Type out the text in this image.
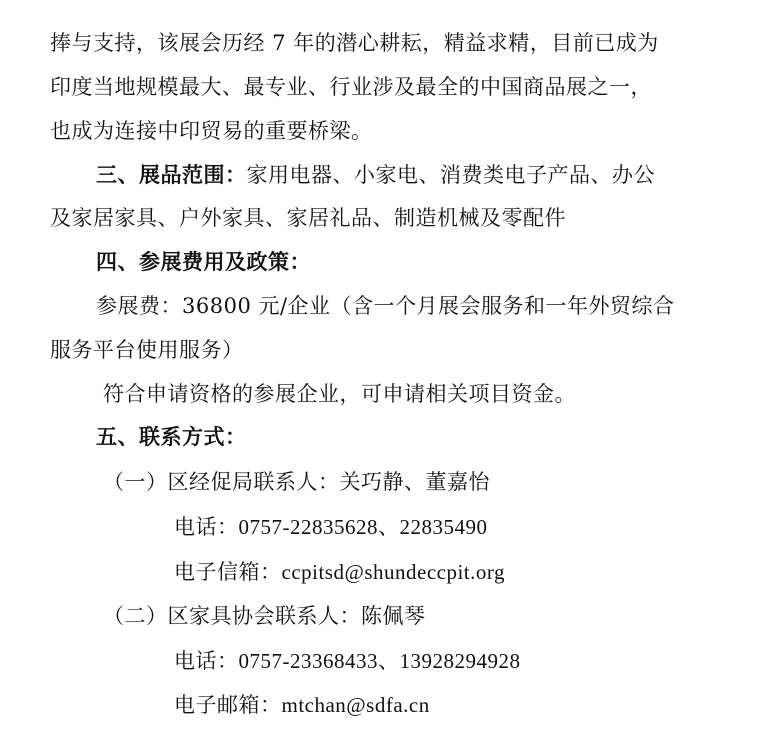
捧与支持，该展会历经 7 年的潜心耕耘，精益求精，目前已成为
印度当地规模最大、最专业、行业涉及最全的中国商品展之一，
也成为连接中印贸易的重要桥梁。
三、展品范围：家用电器、小家电、消费类电子产品、办公
及家居家具、户外家具、家居礼品、制造机械及零配件
四、参展费用及政策：
参展费：36800 元/企业（含一个月展会服务和一年外贸综合
服务平台使用服务）
符合申请资格的参展企业，可申请相关项目资金。
五、联系方式：
（一）区经促局联系人：关巧静、董嘉怡
电话：0757-22835628、22835490
电子信箱：ccpitsd@shundeccpit.org
（二）区家具协会联系人：陈佩琴
电话：0757-23368433、13928294928
电子邮箱：mtchan@sdfa.cn
